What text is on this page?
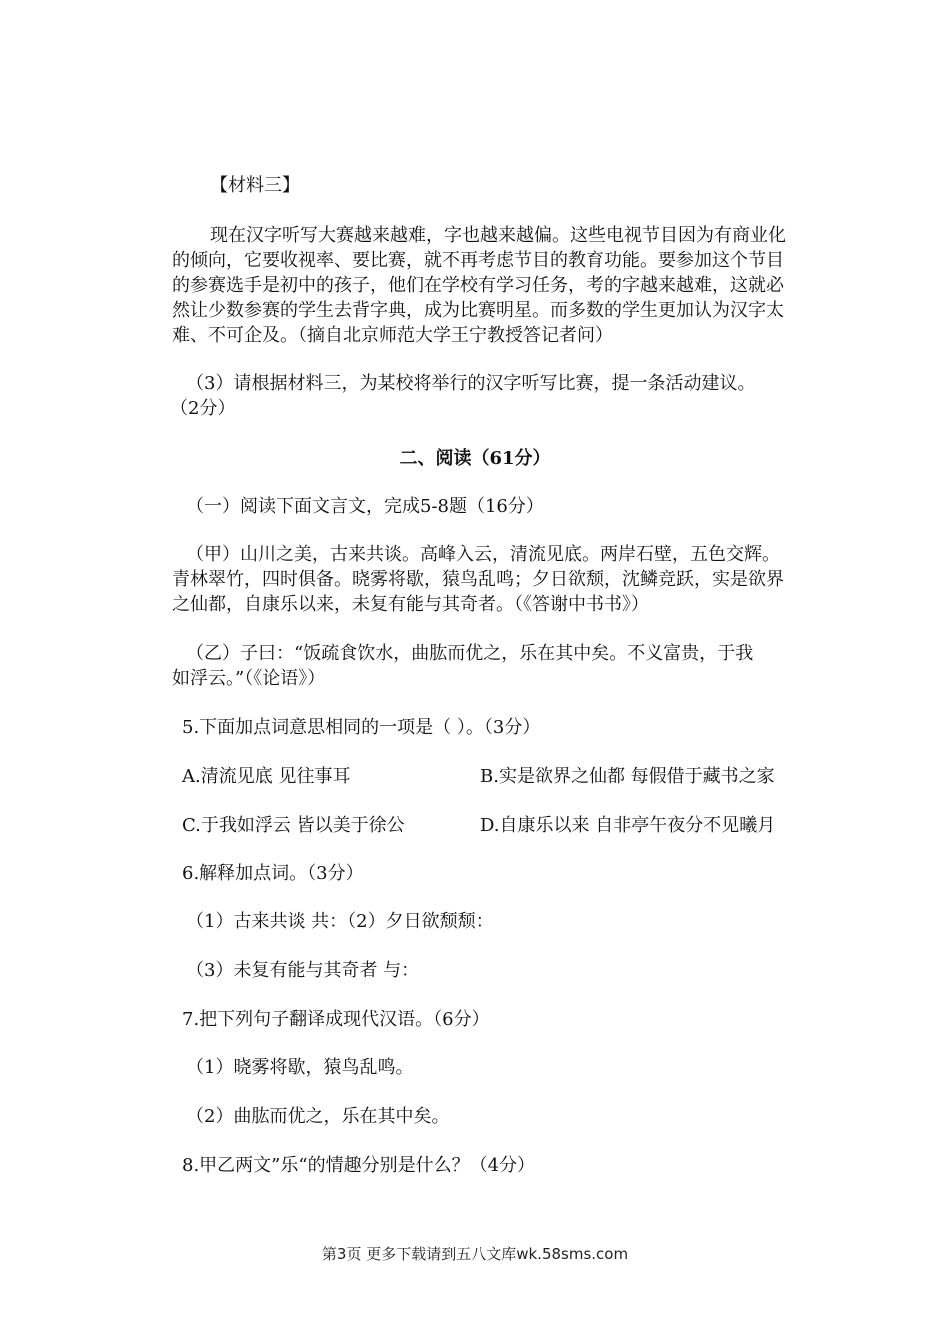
【材料三】
现在汉字听写大赛越来越难，字也越来越偏。这些电视节目因为有商业化
的倾向，它要收视率、要比赛，就不再考虑节目的教育功能。要参加这个节目
的参赛选手是初中的孩子，他们在学校有学习任务，考的字越来越难，这就必
然让少数参赛的学生去背字典，成为比赛明星。而多数的学生更加认为汉字太
难、不可企及。（摘自北京师范大学王宁教授答记者问）
（3）请根据材料三，为某校将举行的汉字听写比赛，提一条活动建议。
（2分）
二、阅读（61分）
（一）阅读下面文言文，完成5-8题（16分）
（甲）山川之美，古来共谈。高峰入云，清流见底。两岸石壁，五色交辉。
青林翠竹，四时俱备。晓雾将歇，猿鸟乱鸣；夕日欲颓，沈鳞竞跃，实是欲界
之仙都，自康乐以来，未复有能与其奇者。（《答谢中书书》）
（乙）子曰：“饭疏食饮水，曲肱而优之，乐在其中矣。不义富贵，于我
如浮云。”（《论语》）
5.下面加点词意思相同的一项是（ ）。（3分）
A.清流见底 见往事耳	B.实是欲界之仙都 每假借于藏书之家
C.于我如浮云 皆以美于徐公	D.自康乐以来 自非亭午夜分不见曦月
6.解释加点词。（3分）
（1）古来共谈 共：（2）夕日欲颓颓：
（3）未复有能与其奇者 与：
7.把下列句子翻译成现代汉语。（6分）
（1）晓雾将歇，猿鸟乱鸣。
（2）曲肱而优之，乐在其中矣。
8.甲乙两文”乐“的情趣分别是什么？（4分）
第3页 更多下载请到五八文库wk.58sms.com
